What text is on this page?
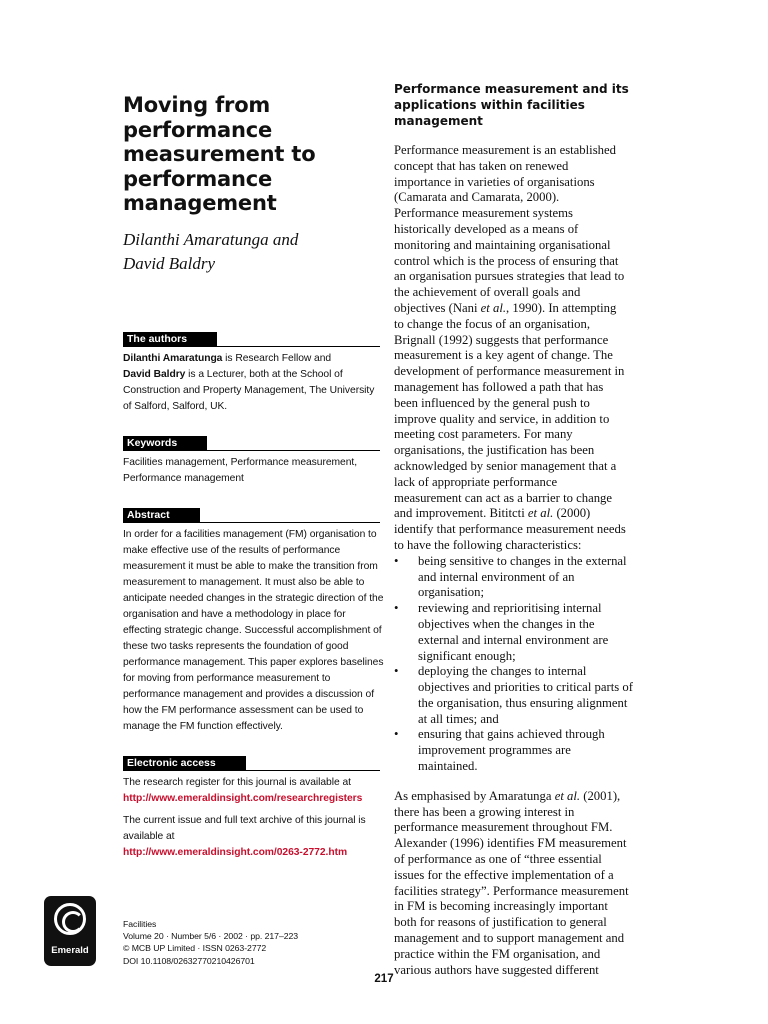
Moving from
performance
measurement to
performance
management
Dilanthi Amaratunga and
David Baldry
The authors
Dilanthi Amaratunga is Research Fellow and
David Baldry is a Lecturer, both at the School of
Construction and Property Management, The University
of Salford, Salford, UK.
Keywords
Facilities management, Performance measurement,
Performance management
Abstract
In order for a facilities management (FM) organisation to
make effective use of the results of performance
measurement it must be able to make the transition from
measurement to management. It must also be able to
anticipate needed changes in the strategic direction of the
organisation and have a methodology in place for
effecting strategic change. Successful accomplishment of
these two tasks represents the foundation of good
performance management. This paper explores baselines
for moving from performance measurement to
performance management and provides a discussion of
how the FM performance assessment can be used to
manage the FM function effectively.
Electronic access
The research register for this journal is available at
http://www.emeraldinsight.com/researchregisters
The current issue and full text archive of this journal is
available at
http://www.emeraldinsight.com/0263-2772.htm
Emerald
Facilities
Volume 20 · Number 5/6 · 2002 · pp. 217–223
© MCB UP Limited · ISSN 0263-2772
DOI 10.1108/02632770210426701
Performance measurement and its
applications within facilities
management

Performance measurement is an established

concept that has taken on renewed

importance in varieties of organisations

(Camarata and Camarata, 2000).

Performance measurement systems

historically developed as a means of

monitoring and maintaining organisational

control which is the process of ensuring that

an organisation pursues strategies that lead to

the achievement of overall goals and

objectives (Nani et al., 1990). In attempting

to change the focus of an organisation,

Brignall (1992) suggests that performance

measurement is a key agent of change. The

development of performance measurement in

management has followed a path that has

been influenced by the general push to

improve quality and service, in addition to

meeting cost parameters. For many

organisations, the justification has been

acknowledged by senior management that a

lack of appropriate performance

measurement can act as a barrier to change

and improvement. Bititcti et al. (2000)

identify that performance measurement needs

to have the following characteristics:

• being sensitive to changes in the external
and internal environment of an
organisation;
• reviewing and reprioritising internal
objectives when the changes in the
external and internal environment are
significant enough;
• deploying the changes to internal
objectives and priorities to critical parts of
the organisation, thus ensuring alignment
at all times; and
• ensuring that gains achieved through
improvement programmes are
maintained.

As emphasised by Amaratunga et al. (2001),

there has been a growing interest in

performance measurement throughout FM.

Alexander (1996) identifies FM measurement

of performance as one of “three essential

issues for the effective implementation of a

facilities strategy”. Performance measurement

in FM is becoming increasingly important

both for reasons of justification to general

management and to support management and

practice within the FM organisation, and

various authors have suggested different

217
